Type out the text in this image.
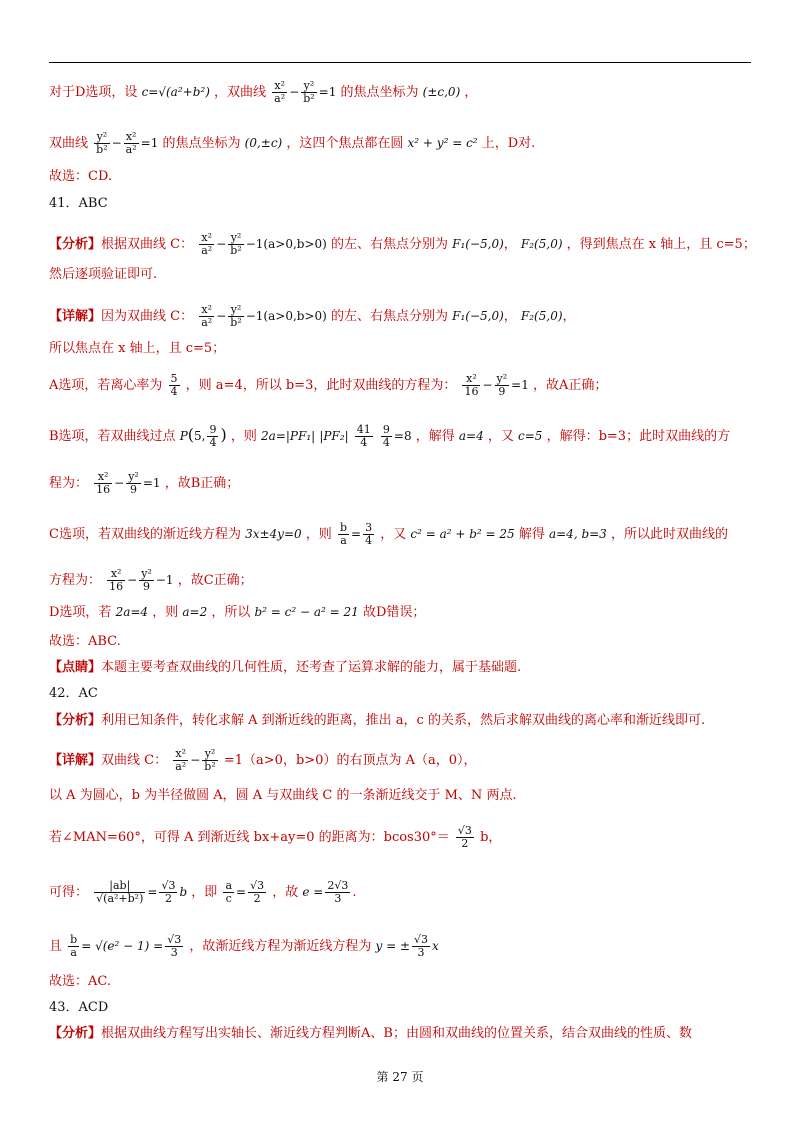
对于D选项，设 c=√(a²+b²) ，双曲线 $\frac{\text{x²}}{\text{a²}} - \frac{\text{y²}}{\text{b²}} =1$ 的焦点坐标为 (±c,0) ，
双曲线 $\frac{\text{y²}}{\text{b²}} - \frac{\text{x²}}{\text{a²}} =1$ 的焦点坐标为 (0,±c) ，这四个焦点都在圆 x² + y² = c² 上，D对.
故选：CD.
41．ABC
【分析】根据双曲线 C： $\frac{\text{x²}}{\text{a²}} - \frac{\text{y²}}{\text{b²}} -1(a>0,b>0)$ 的左、右焦点分别为 F₁(−5,0)， F₂(5,0) ，得到焦点在 x 轴上，且 c=5；
然后逐项验证即可.
【详解】因为双曲线 C： $\frac{\text{x²}}{\text{a²}} - \frac{\text{y²}}{\text{b²}} -1(a>0,b>0)$ 的左、右焦点分别为 F₁(−5,0)， F₂(5,0)，
所以焦点在 x 轴上，且 c=5；
A选项，若离心率为 $\frac{5}{4}$ ，则 a=4，所以 b=3，此时双曲线的方程为： $\frac{\text{x²}}{16} - \frac{\text{y²}}{9} =1$ ，故A正确；
B选项，若双曲线过点 P(5, $\frac{9}{4}$ ) ，则 2a=|PF₁| $|PF_2| \frac{41}{4}$
$\frac{9}{4} =8$ ，解得 a=4 ，又 c=5 ，解得：b=3；此时双曲线的方
程为： $\frac{\text{x²}}{16} - \frac{\text{y²}}{9} =1$ ，故B正确；
C选项，若双曲线的渐近线方程为 3x±4y=0 ，则 $\frac{b}{a} = \frac{3}{4}$ ，又 c² = a² + b² = 25 解得 a=4, b=3 ，所以此时双曲线的
方程为： $\frac{\text{x²}}{16} - \frac{\text{y²}}{9} -1$ ，故C正确；
D选项，若 2a=4 ，则 a=2 ，所以 b² = c² − a² = 21 故D错误；
故选：ABC.
【点睛】本题主要考查双曲线的几何性质，还考查了运算求解的能力，属于基础题.
42．AC
【分析】利用已知条件，转化求解 A 到渐近线的距离，推出 a，c 的关系，然后求解双曲线的离心率和渐近线即可.
【详解】双曲线 C： $\frac{\text{x²}}{\text{a²}} - \frac{\text{y²}}{\text{b²}} =1(a>0$，b>0）的右顶点为 A（a，0），
以 A 为圆心，b 为半径做圆 A，圆 A 与双曲线 C 的一条渐近线交于 M、N 两点.
若∠MAN=60°，可得 A 到渐近线 bx+ay=0 的距离为：$bcos30^\circ= \frac{√3}{2}$ b，
可得： $\frac{|ab|}{\text{√(a²+b²)}} = \frac{√3}{2}$ b ，即 $\frac{a}{c} = \frac{√3}{2}$ ，故 $e = \frac{2√3}{3}$ .
且 $\frac{b}{a} = √(e^2 - 1) = \frac{√3}{3}$ ，故渐近线方程为渐近线方程为 y = ± $\frac{√3}{3}$ x
故选：AC.
43．ACD
【分析】根据双曲线方程写出实轴长、渐近线方程判断A、B；由圆和双曲线的位置关系，结合双曲线的性质、数
第 27 页
